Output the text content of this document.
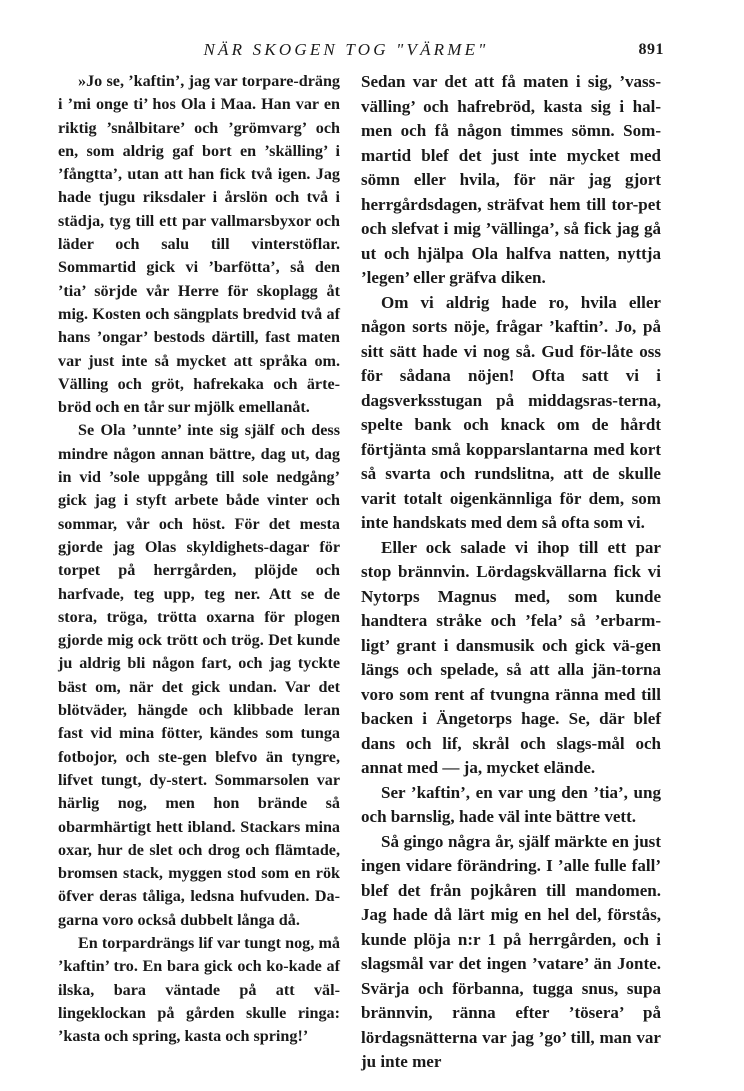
NÄR SKOGEN TOG "VÄRME"	891

»Jo se, ’kaftin’, jag var torpare-dräng i ’mi onge ti’ hos Ola i Maa. Han var en riktig ’snålbitare’ och ’grömvarg’ och en, som aldrig gaf bort en ’skälling’ i ’fångtta’, utan att han fick två igen. Jag hade tjugu riksdaler i årslön och två i städja, tyg till ett par vallmarsbyxor och läder och salu till vinterstöflar. Sommartid gick vi ’barfötta’, så den ’tia’ sörjde vår Herre för skoplagg åt mig. Kosten och sängplats bredvid två af hans ’ongar’ bestods därtill, fast maten var just inte så mycket att språka om. Välling och gröt, hafrekaka och ärte-bröd och en tår sur mjölk emellanåt.

Se Ola ’unnte’ inte sig själf och dess mindre någon annan bättre, dag ut, dag in vid ’sole uppgång till sole nedgång’ gick jag i styft arbete både vinter och sommar, vår och höst. För det mesta gjorde jag Olas skyldighets-dagar för torpet på herrgården, plöjde och harfvade, teg upp, teg ner. Att se de stora, tröga, trötta oxarna för plogen gjorde mig ock trött och trög. Det kunde ju aldrig bli någon fart, och jag tyckte bäst om, när det gick undan. Var det blötväder, hängde och klibbade leran fast vid mina fötter, kändes som tunga fotbojor, och ste-gen blefvo än tyngre, lifvet tungt, dy-stert. Sommarsolen var härlig nog, men hon brände så obarmhärtigt hett ibland. Stackars mina oxar, hur de slet och drog och flämtade, bromsen stack, myggen stod som en rök öfver deras tåliga, ledsna hufvuden. Da-garna voro också dubbelt långa då.

En torpardrängs lif var tungt nog, må ’kaftin’ tro. En bara gick och ko-kade af ilska, bara väntade på att väl-lingeklockan på gården skulle ringa: ’kasta och spring, kasta och spring!’

Sedan var det att få maten i sig, ’vass-välling’ och hafrebröd, kasta sig i hal-men och få någon timmes sömn. Som-martid blef det just inte mycket med sömn eller hvila, för när jag gjort herrgårdsdagen, sträfvat hem till tor-pet och slefvat i mig ’vällinga’, så fick jag gå ut och hjälpa Ola halfva natten, nyttja ’legen’ eller gräfva diken.

Om vi aldrig hade ro, hvila eller någon sorts nöje, frågar ’kaftin’. Jo, på sitt sätt hade vi nog så. Gud för-låte oss för sådana nöjen! Ofta satt vi i dagsverksstugan på middagsras-terna, spelte bank och knack om de hårdt förtjänta små kopparslantarna med kort så svarta och rundslitna, att de skulle varit totalt oigenkännliga för dem, som inte handskats med dem så ofta som vi.

Eller ock salade vi ihop till ett par stop brännvin. Lördagskvällarna fick vi Nytorps Magnus med, som kunde handtera stråke och ’fela’ så ’erbarm-ligt’ grant i dansmusik och gick vä-gen längs och spelade, så att alla jän-torna voro som rent af tvungna ränna med till backen i Ängetorps hage. Se, där blef dans och lif, skrål och slags-mål och annat med — ja, mycket elände.

Ser ’kaftin’, en var ung den ’tia’, ung och barnslig, hade väl inte bättre vett.

Så gingo några år, själf märkte en just ingen vidare förändring. I ’alle fulle fall’ blef det från pojkåren till mandomen. Jag hade då lärt mig en hel del, förstås, kunde plöja n:r 1 på herrgården, och i slagsmål var det ingen ’vatare’ än Jonte. Svärja och förbanna, tugga snus, supa brännvin, ränna efter ’tösera’ på lördagsnätterna var jag ’go’ till, man var ju inte mer
